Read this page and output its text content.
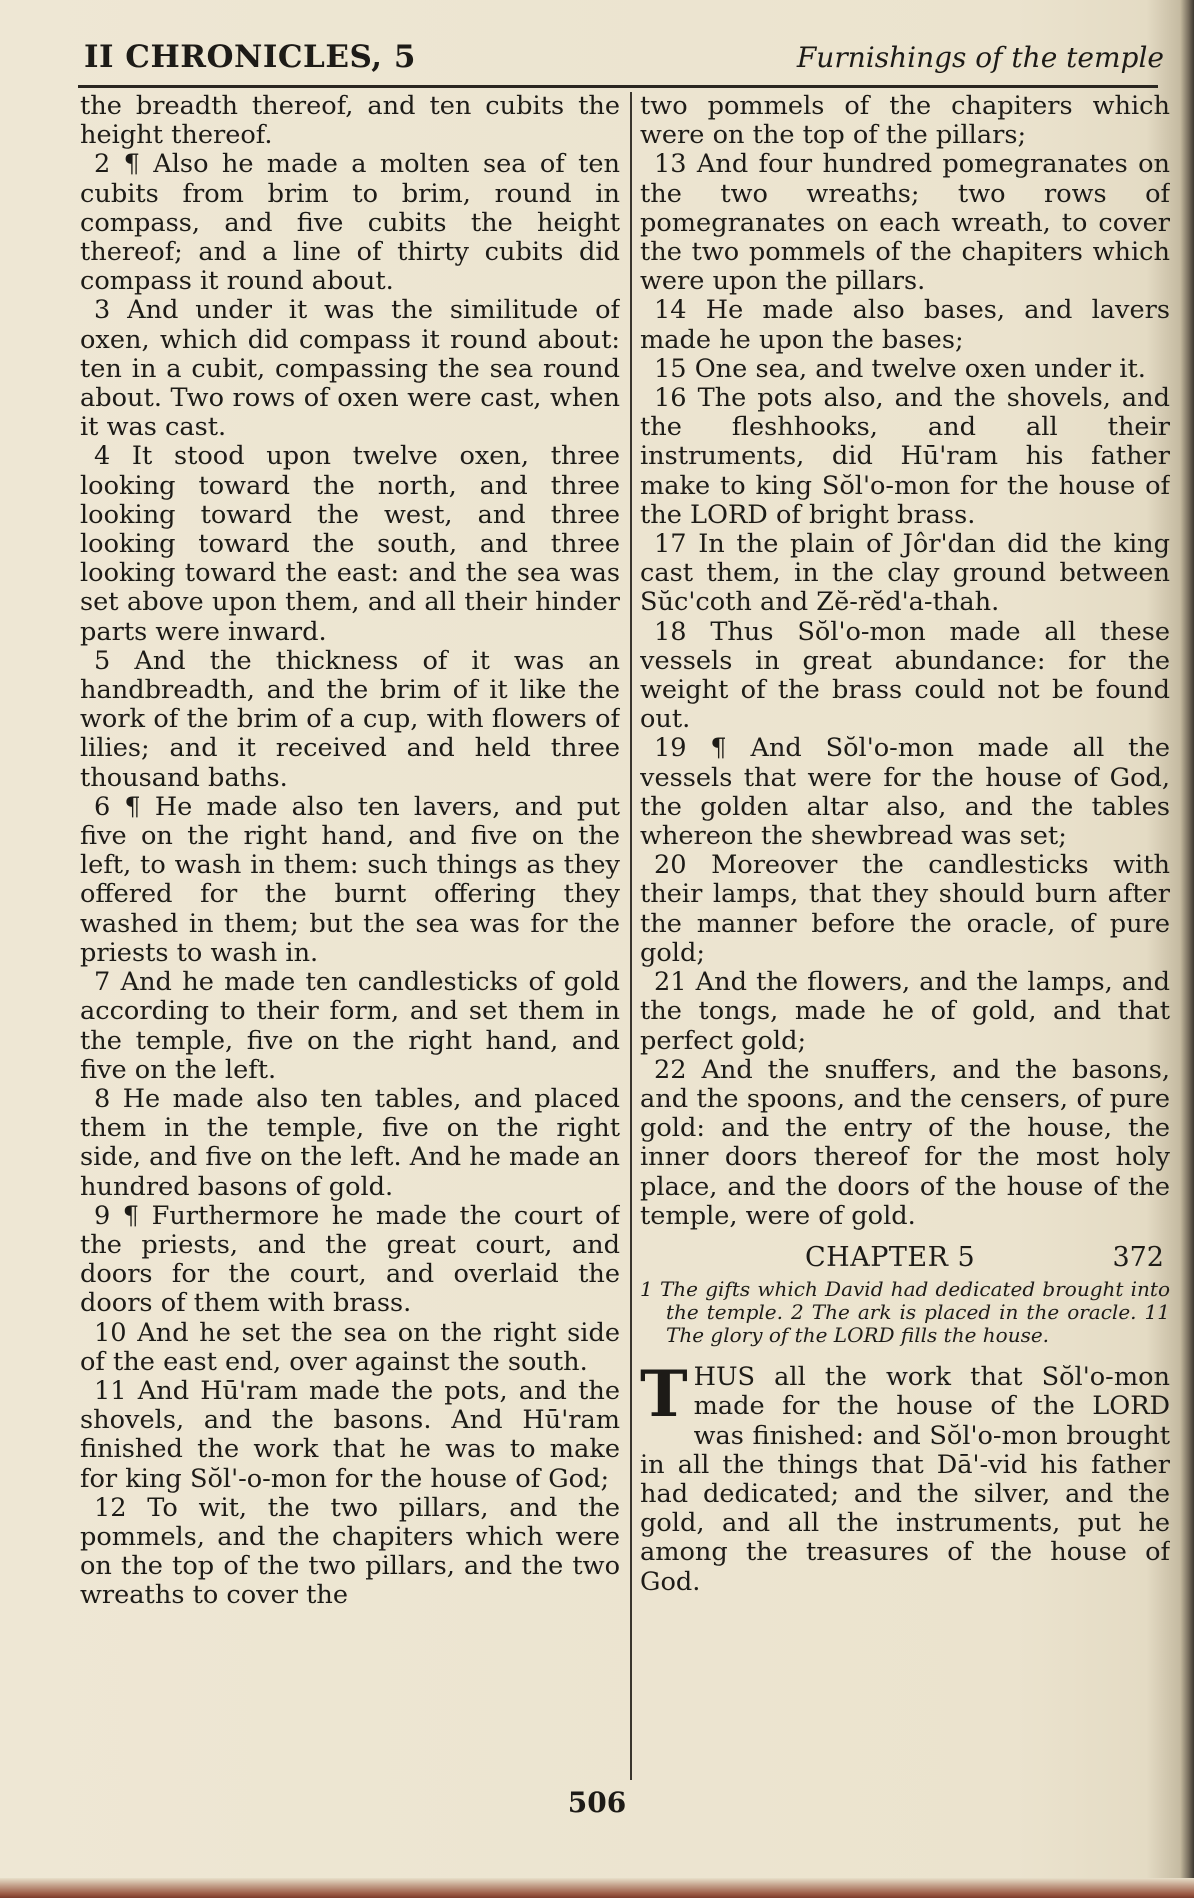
II CHRONICLES, 5	Furnishings of the temple

the breadth thereof, and ten cubits the height thereof.

2 ¶ Also he made a molten sea of ten cubits from brim to brim, round in compass, and five cubits the height thereof; and a line of thirty cubits did compass it round about.

3 And under it was the similitude of oxen, which did compass it round about: ten in a cubit, compassing the sea round about. Two rows of oxen were cast, when it was cast.

4 It stood upon twelve oxen, three looking toward the north, and three looking toward the west, and three looking toward the south, and three looking toward the east: and the sea was set above upon them, and all their hinder parts were inward.

5 And the thickness of it was an handbreadth, and the brim of it like the work of the brim of a cup, with flowers of lilies; and it received and held three thousand baths.

6 ¶ He made also ten lavers, and put five on the right hand, and five on the left, to wash in them: such things as they offered for the burnt offering they washed in them; but the sea was for the priests to wash in.

7 And he made ten candlesticks of gold according to their form, and set them in the temple, five on the right hand, and five on the left.

8 He made also ten tables, and placed them in the temple, five on the right side, and five on the left. And he made an hundred basons of gold.

9 ¶ Furthermore he made the court of the priests, and the great court, and doors for the court, and overlaid the doors of them with brass.

10 And he set the sea on the right side of the east end, over against the south.

11 And Hū'ram made the pots, and the shovels, and the basons. And Hū'ram finished the work that he was to make for king Sŏl'-o-mon for the house of God;

12 To wit, the two pillars, and the pommels, and the chapiters which were on the top of the two pillars, and the two wreaths to cover the

two pommels of the chapiters which were on the top of the pillars;

13 And four hundred pomegranates on the two wreaths; two rows of pomegranates on each wreath, to cover the two pommels of the chapiters which were upon the pillars.

14 He made also bases, and lavers made he upon the bases;

15 One sea, and twelve oxen under it.

16 The pots also, and the shovels, and the fleshhooks, and all their instruments, did Hū'ram his father make to king Sŏl'o-mon for the house of the LORD of bright brass.

17 In the plain of Jôr'dan did the king cast them, in the clay ground between Sŭc'coth and Zĕ-rĕd'a-thah.

18 Thus Sŏl'o-mon made all these vessels in great abundance: for the weight of the brass could not be found out.

19 ¶ And Sŏl'o-mon made all the vessels that were for the house of God, the golden altar also, and the tables whereon the shewbread was set;

20 Moreover the candlesticks with their lamps, that they should burn after the manner before the oracle, of pure gold;

21 And the flowers, and the lamps, and the tongs, made he of gold, and that perfect gold;

22 And the snuffers, and the basons, and the spoons, and the censers, of pure gold: and the entry of the house, the inner doors thereof for the most holy place, and the doors of the house of the temple, were of gold.

CHAPTER 5	372

1 The gifts which David had dedicated brought into the temple. 2 The ark is placed in the oracle. 11 The glory of the LORD fills the house.

THUS all the work that Sŏl'o-mon made for the house of the LORD was finished: and Sŏl'o-mon brought in all the things that Dā'-vid his father had dedicated; and the silver, and the gold, and all the instruments, put he among the treasures of the house of God.

506
